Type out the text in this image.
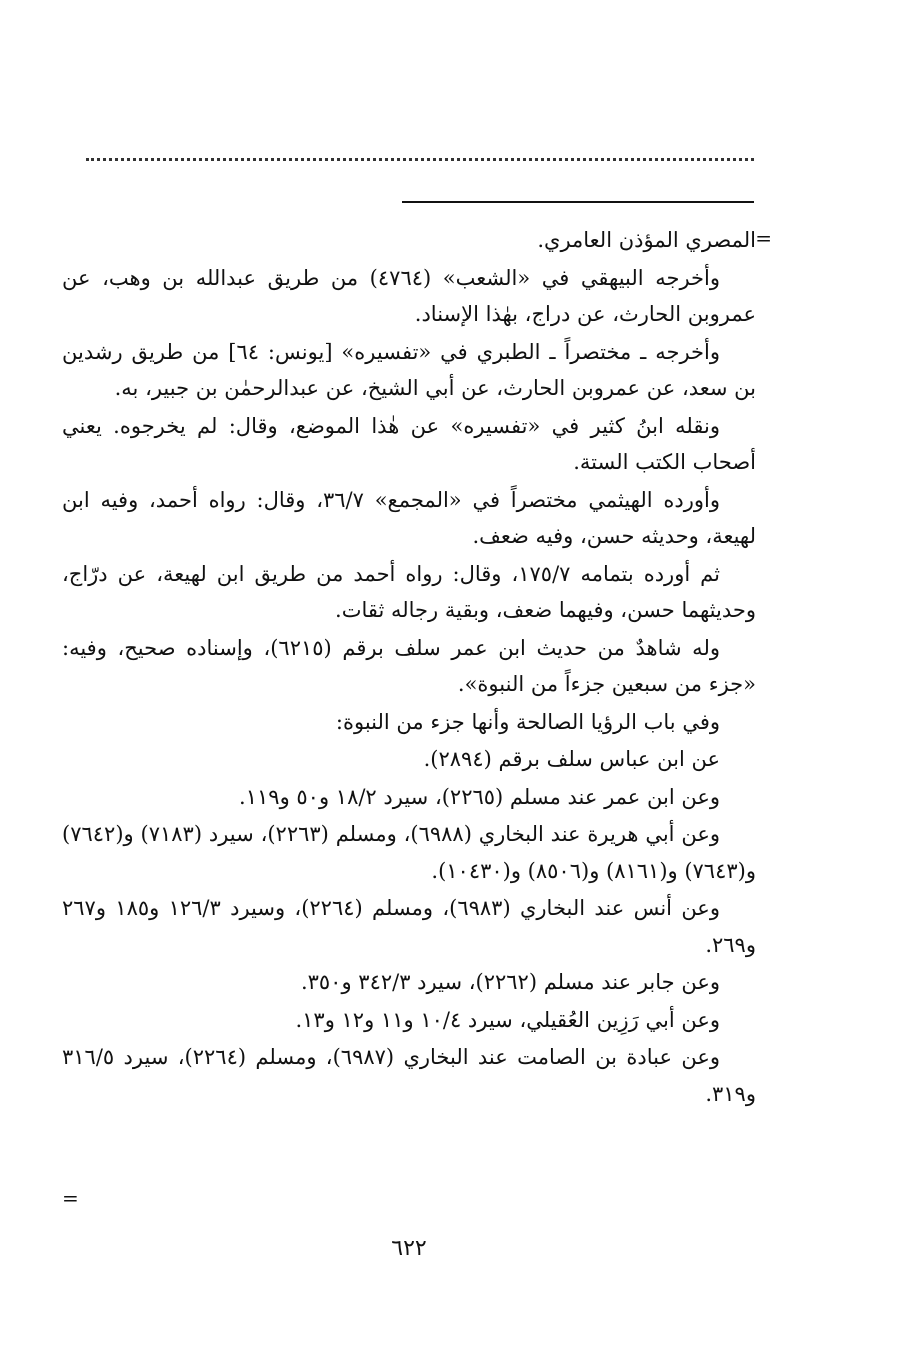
=

المصري المؤذن العامري.

وأخرجه البيهقي في «الشعب» (٤٧٦٤) من طريق عبدالله بن وهب، عن عمروبن الحارث، عن دراج، بهٰذا الإسناد.

وأخرجه ـ مختصراً ـ الطبري في «تفسيره» [يونس: ٦٤] من طريق رشدين بن سعد، عن عمروبن الحارث، عن أبي الشيخ، عن عبدالرحمٰن بن جبير، به.

ونقله ابنُ كثير في «تفسيره» عن هٰذا الموضع، وقال: لم يخرجوه. يعني أصحاب الكتب الستة.

وأورده الهيثمي مختصراً في «المجمع» ٣٦/٧، وقال: رواه أحمد، وفيه ابن لهيعة، وحديثه حسن، وفيه ضعف.

ثم أورده بتمامه ١٧٥/٧، وقال: رواه أحمد من طريق ابن لهيعة، عن درّاج، وحديثهما حسن، وفيهما ضعف، وبقية رجاله ثقات.

وله شاهدٌ من حديث ابن عمر سلف برقم (٦٢١٥)، وإسناده صحيح، وفيه: «جزء من سبعين جزءاً من النبوة».

وفي باب الرؤيا الصالحة وأنها جزء من النبوة:

عن ابن عباس سلف برقم (٢٨٩٤).

وعن ابن عمر عند مسلم (٢٢٦٥)، سيرد ١٨/٢ و٥٠ و١١٩.

وعن أبي هريرة عند البخاري (٦٩٨٨)، ومسلم (٢٢٦٣)، سيرد (٧١٨٣) و(٧٦٤٢) و(٧٦٤٣) و(٨١٦١) و(٨٥٠٦) و(١٠٤٣٠).

وعن أنس عند البخاري (٦٩٨٣)، ومسلم (٢٢٦٤)، وسيرد ١٢٦/٣ و١٨٥ و٢٦٧ و٢٦٩.

وعن جابر عند مسلم (٢٢٦٢)، سيرد ٣٤٢/٣ و٣٥٠.

وعن أبي رَزِين العُقيلي، سيرد ١٠/٤ و١١ و١٢ و١٣.

وعن عبادة بن الصامت عند البخاري (٦٩٨٧)، ومسلم (٢٢٦٤)، سيرد ٣١٦/٥ و٣١٩.

=
٦٢٢
